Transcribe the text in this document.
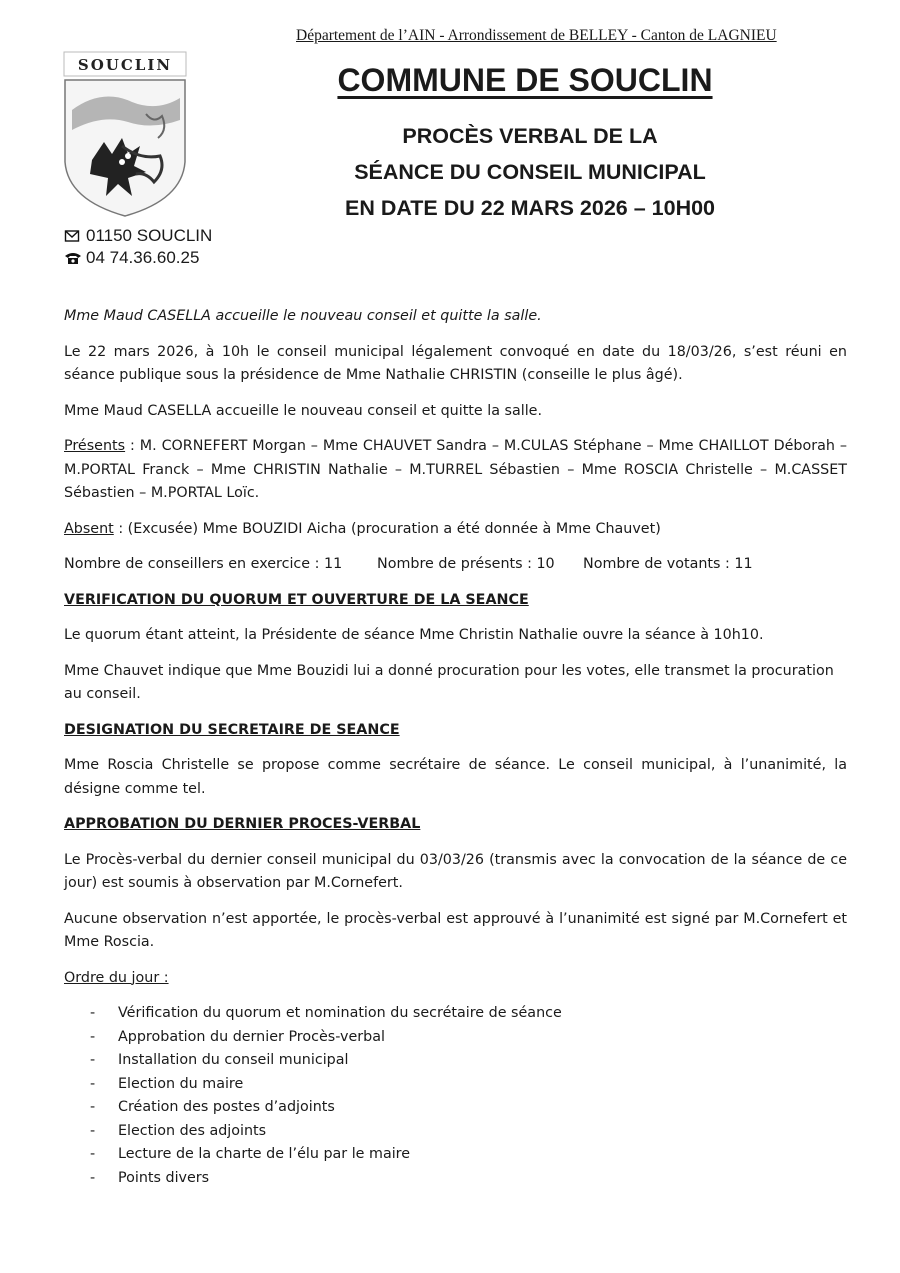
Département de l’AIN - Arrondissement de BELLEY - Canton de LAGNIEU
SOUCLIN
01150 SOUCLIN
04 74.36.60.25
COMMUNE DE SOUCLIN
PROCÈS VERBAL DE LA
SÉANCE DU CONSEIL MUNICIPAL
EN DATE DU 22 MARS 2026 – 10H00

Mme Maud CASELLA accueille le nouveau conseil et quitte la salle.

Le 22 mars 2026, à 10h le conseil municipal légalement convoqué en date du 18/03/26, s’est réuni en séance publique sous la présidence de Mme Nathalie CHRISTIN (conseille le plus âgé).

Mme Maud CASELLA accueille le nouveau conseil et quitte la salle.

Présents : M. CORNEFERT Morgan – Mme CHAUVET Sandra – M.CULAS Stéphane – Mme CHAILLOT Déborah – M.PORTAL Franck – Mme CHRISTIN Nathalie – M.TURREL Sébastien – Mme ROSCIA Christelle – M.CASSET Sébastien – M.PORTAL Loïc.

Absent : (Excusée) Mme BOUZIDI Aicha (procuration a été donnée à Mme Chauvet)

Nombre de conseillers en exercice : 11	Nombre de présents : 10	Nombre de votants : 11
VERIFICATION DU QUORUM ET OUVERTURE DE LA SEANCE

Le quorum étant atteint, la Présidente de séance Mme Christin Nathalie ouvre la séance à 10h10.

Mme Chauvet indique que Mme Bouzidi lui a donné procuration pour les votes, elle transmet la procuration au conseil.

DESIGNATION DU SECRETAIRE DE SEANCE

Mme Roscia Christelle se propose comme secrétaire de séance. Le conseil municipal, à l’unanimité, la désigne comme tel.

APPROBATION DU DERNIER PROCES-VERBAL

Le Procès-verbal du dernier conseil municipal du 03/03/26 (transmis avec la convocation de la séance de ce jour) est soumis à observation par M.Cornefert.

Aucune observation n’est apportée, le procès-verbal est approuvé à l’unanimité est signé par M.Cornefert et Mme Roscia.

Ordre du jour :

-	Vérification du quorum et nomination du secrétaire de séance
-	Approbation du dernier Procès-verbal
-	Installation du conseil municipal
-	Election du maire
-	Création des postes d’adjoints
-	Election des adjoints
-	Lecture de la charte de l’élu par le maire
-	Points divers
